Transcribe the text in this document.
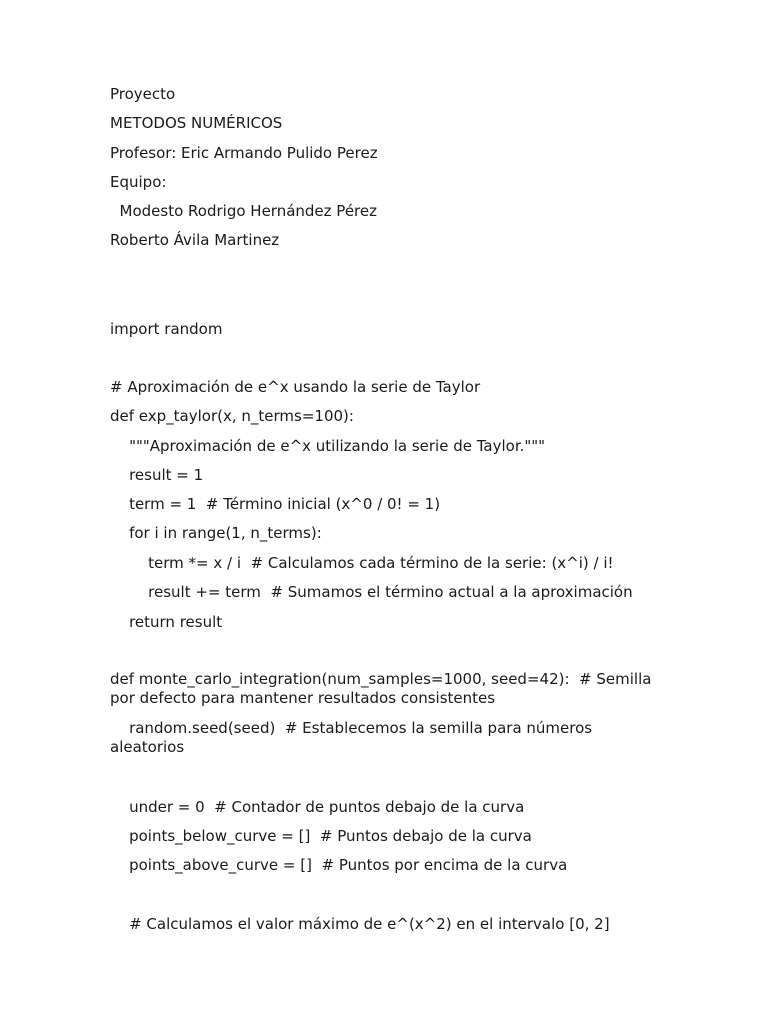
Proyecto
METODOS NUMÉRICOS
Profesor: Eric Armando Pulido Perez
Equipo:
Modesto Rodrigo Hernández Pérez
Roberto Ávila Martinez
import random
# Aproximación de e^x usando la serie de Taylor
def exp_taylor(x, n_terms=100):
"""Aproximación de e^x utilizando la serie de Taylor."""
result = 1
term = 1  # Término inicial (x^0 / 0! = 1)
for i in range(1, n_terms):
term *= x / i  # Calculamos cada término de la serie: (x^i) / i!
result += term  # Sumamos el término actual a la aproximación
return result
def monte_carlo_integration(num_samples=1000, seed=42):  # Semilla por defecto para mantener resultados consistentes
random.seed(seed)  # Establecemos la semilla para números aleatorios
under = 0  # Contador de puntos debajo de la curva
points_below_curve = []  # Puntos debajo de la curva
points_above_curve = []  # Puntos por encima de la curva
# Calculamos el valor máximo de e^(x^2) en el intervalo [0, 2]
